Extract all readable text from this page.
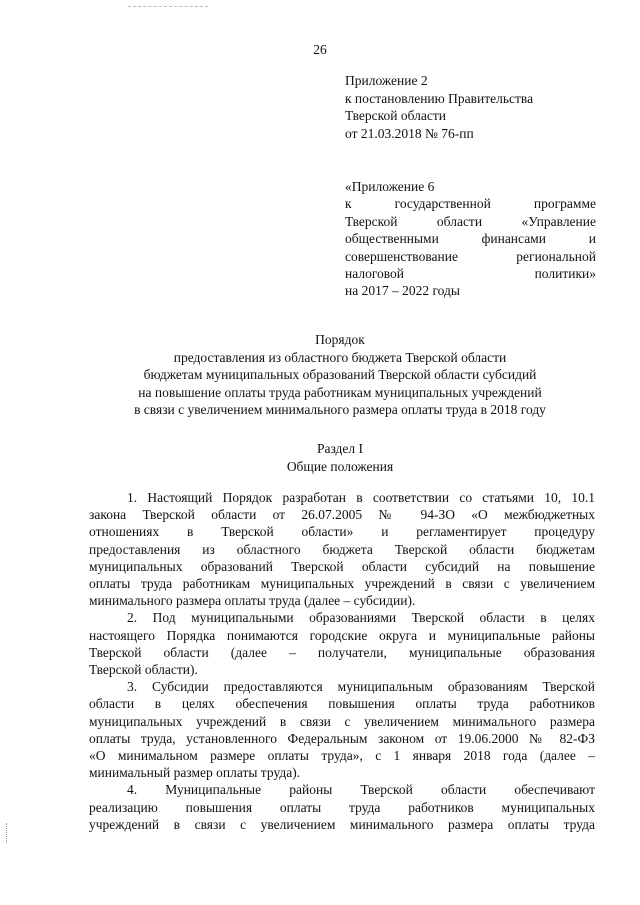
26
Приложение 2
к постановлению Правительства
Тверской области
от 21.03.2018 № 76-пп
«Приложение 6
к государственной программе
Тверской области «Управление
общественными финансами и
совершенствование региональной
налоговой политики»
на 2017 – 2022 годы
Порядок
предоставления из областного бюджета Тверской области
бюджетам муниципальных образований Тверской области субсидий
на повышение оплаты труда работникам муниципальных учреждений
в связи с увеличением минимального размера оплаты труда в 2018 году
Раздел I
Общие положения
1. Настоящий Порядок разработан в соответствии со статьями 10, 10.1
закона Тверской области от 26.07.2005 № 94-ЗО «О межбюджетных
отношениях в Тверской области» и регламентирует процедуру
предоставления из областного бюджета Тверской области бюджетам
муниципальных образований Тверской области субсидий на повышение
оплаты труда работникам муниципальных учреждений в связи с увеличением
минимального размера оплаты труда (далее – субсидии).
2. Под муниципальными образованиями Тверской области в целях
настоящего Порядка понимаются городские округа и муниципальные районы
Тверской области (далее – получатели, муниципальные образования
Тверской области).
3. Субсидии предоставляются муниципальным образованиям Тверской
области в целях обеспечения повышения оплаты труда работников
муниципальных учреждений в связи с увеличением минимального размера
оплаты труда, установленного Федеральным законом от 19.06.2000 № 82-ФЗ
«О минимальном размере оплаты труда», с 1 января 2018 года (далее –
минимальный размер оплаты труда).
4. Муниципальные районы Тверской области обеспечивают
реализацию повышения оплаты труда работников муниципальных
учреждений в связи с увеличением минимального размера оплаты труда
